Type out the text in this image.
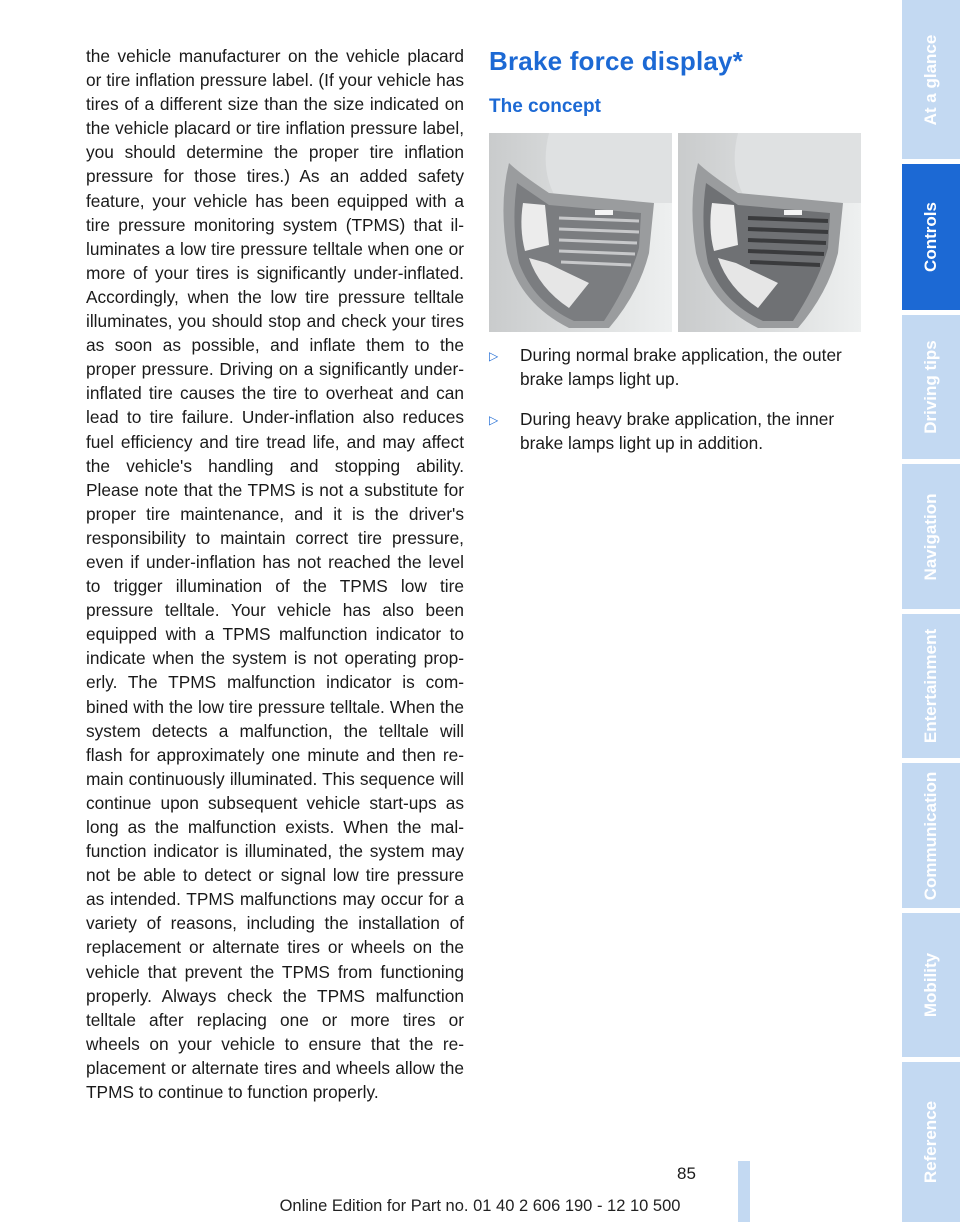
the vehicle manufacturer on the vehicle placard or tire inflation pressure label. (If your vehicle has tires of a different size than the size indicated on the vehicle placard or tire inflation pressure label, you should determine the proper tire inflation pressure for those tires.) As an added safety feature, your vehicle has been equipped with a tire pressure monitoring system (TPMS) that illuminates a low tire pressure telltale when one or more of your tires is significantly under-inflated. Accordingly, when the low tire pressure telltale illuminates, you should stop and check your tires as soon as possible, and inflate them to the proper pressure. Driving on a significantly under-inflated tire causes the tire to overheat and can lead to tire failure. Under-inflation also reduces fuel efficiency and tire tread life, and may affect the vehicle's handling and stopping ability. Please note that the TPMS is not a substitute for proper tire maintenance, and it is the driver's responsibility to maintain correct tire pressure, even if under-inflation has not reached the level to trigger illumination of the TPMS low tire pressure telltale. Your vehicle has also been equipped with a TPMS malfunction indicator to indicate when the system is not operating properly. The TPMS malfunction indicator is combined with the low tire pressure telltale. When the system detects a malfunction, the telltale will flash for approximately one minute and then remain continuously illuminated. This sequence will continue upon subsequent vehicle start-ups as long as the malfunction exists. When the malfunction indicator is illuminated, the system may not be able to detect or signal low tire pressure as intended. TPMS malfunctions may occur for a variety of reasons, including the installation of replacement or alternate tires or wheels on the vehicle that prevent the TPMS from functioning properly. Always check the TPMS malfunction telltale after replacing one or more tires or wheels on your vehicle to ensure that the replacement or alternate tires and wheels allow the TPMS to continue to function properly.

Brake force display*
The concept
▷ During normal brake application, the outer brake lamps light up.
▷ During heavy brake application, the inner brake lamps light up in addition.
At a glance
Controls
Driving tips
Navigation
Entertainment
Communication
Mobility
Reference
85
Online Edition for Part no. 01 40 2 606 190 - 12 10 500
